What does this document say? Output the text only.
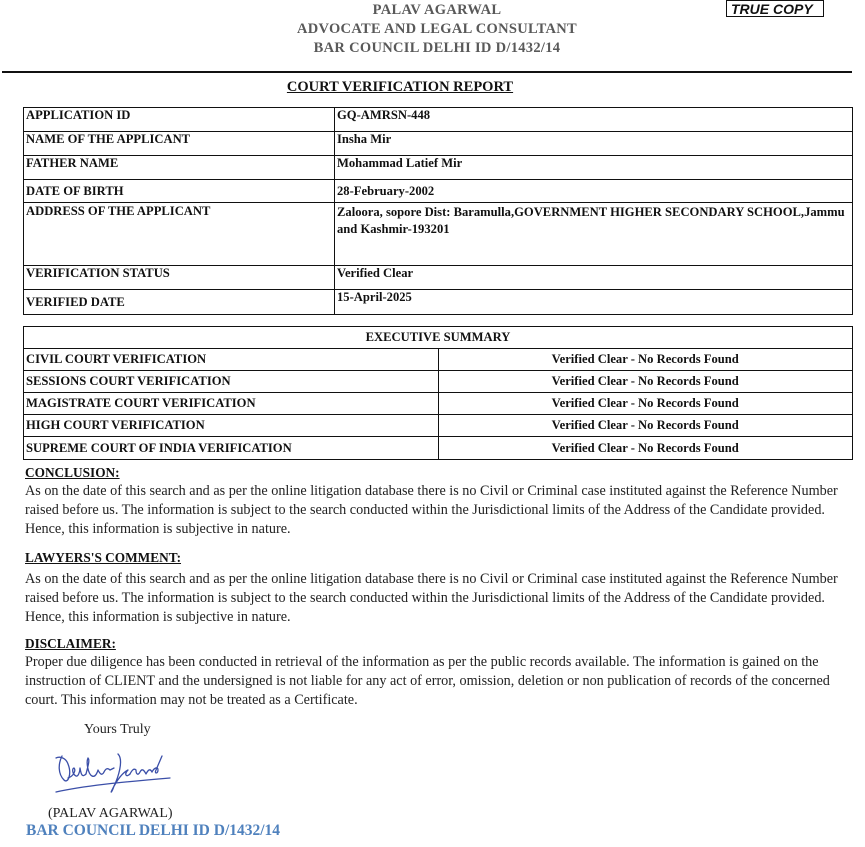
PALAV AGARWAL
ADVOCATE AND LEGAL CONSULTANT
BAR COUNCIL DELHI ID D/1432/14
TRUE COPY
COURT VERIFICATION REPORT
APPLICATION ID	GQ-AMRSN-448
NAME OF THE APPLICANT	Insha Mir
FATHER NAME	Mohammad Latief Mir
DATE OF BIRTH	28-February-2002
ADDRESS OF THE APPLICANT	Zaloora, sopore Dist: Baramulla,GOVERNMENT HIGHER SECONDARY SCHOOL,Jammu and Kashmir-193201
VERIFICATION STATUS	Verified Clear
VERIFIED DATE	15-April-2025
EXECUTIVE SUMMARY	
CIVIL COURT VERIFICATION	Verified Clear - No Records Found
SESSIONS COURT VERIFICATION	Verified Clear - No Records Found
MAGISTRATE COURT VERIFICATION	Verified Clear - No Records Found
HIGH COURT VERIFICATION	Verified Clear - No Records Found
SUPREME COURT OF INDIA VERIFICATION	Verified Clear - No Records Found
CONCLUSION:
As on the date of this search and as per the online litigation database there is no Civil or Criminal case instituted against the Reference Number raised before us. The information is subject to the search conducted within the Jurisdictional limits of the Address of the Candidate provided. Hence, this information is subjective in nature.
LAWYERS'S COMMENT:
As on the date of this search and as per the online litigation database there is no Civil or Criminal case instituted against the Reference Number raised before us. The information is subject to the search conducted within the Jurisdictional limits of the Address of the Candidate provided. Hence, this information is subjective in nature.
DISCLAIMER:
Proper due diligence has been conducted in retrieval of the information as per the public records available. The information is gained on the instruction of CLIENT and the undersigned is not liable for any act of error, omission, deletion or non publication of records of the concerned court. This information may not be treated as a Certificate.
Yours Truly
(PALAV AGARWAL)
BAR COUNCIL DELHI ID D/1432/14
